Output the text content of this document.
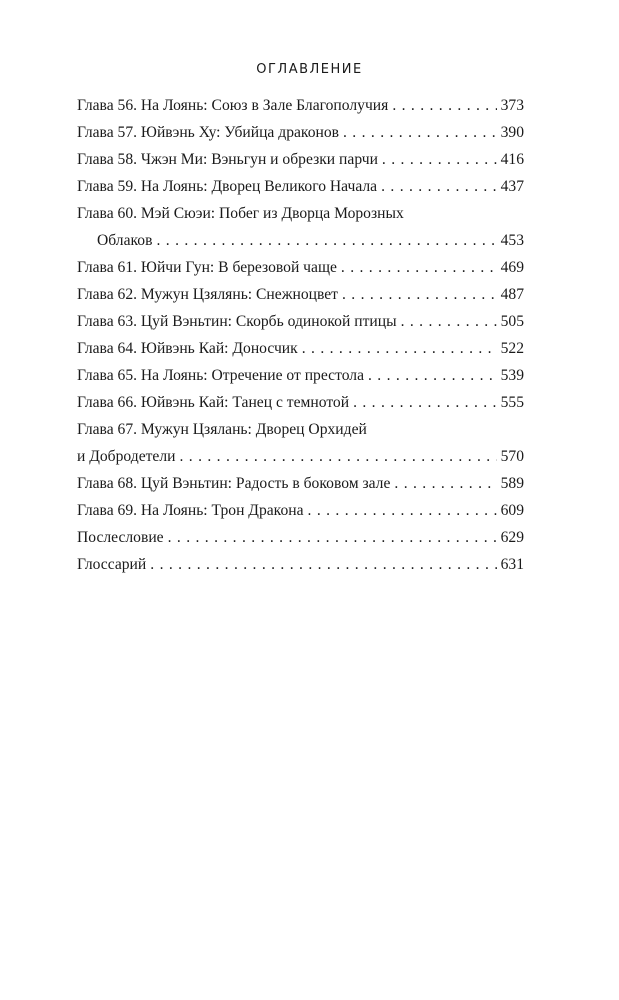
ОГЛАВЛЕНИЕ
Глава 56. На Лоянь: Союз в Зале Благополучия . . .	373
Глава 57. Юйвэнь Ху: Убийца драконов . . .	390
Глава 58. Чжэн Ми: Вэньгун и обрезки парчи . . .	416
Глава 59. На Лоянь: Дворец Великого Начала . . .	437
Глава 60. Мэй Сюэи: Побег из Дворца Морозных
Облаков . . .	453
Глава 61. Юйчи Гун: В березовой чаще . . .	469
Глава 62. Мужун Цзялянь: Снежноцвет . . .	487
Глава 63. Цуй Вэньтин: Скорбь одинокой птицы . . .	505
Глава 64. Юйвэнь Кай: Доносчик . . .	522
Глава 65. На Лоянь: Отречение от престола . . .	539
Глава 66. Юйвэнь Кай: Танец с темнотой . . .	555
Глава 67. Мужун Цзялань: Дворец Орхидей
и Добродетели . . .	570
Глава 68. Цуй Вэньтин: Радость в боковом зале . . .	589
Глава 69. На Лоянь: Трон Дракона . . .	609
Послесловие . . .	629
Глоссарий . . .	631
